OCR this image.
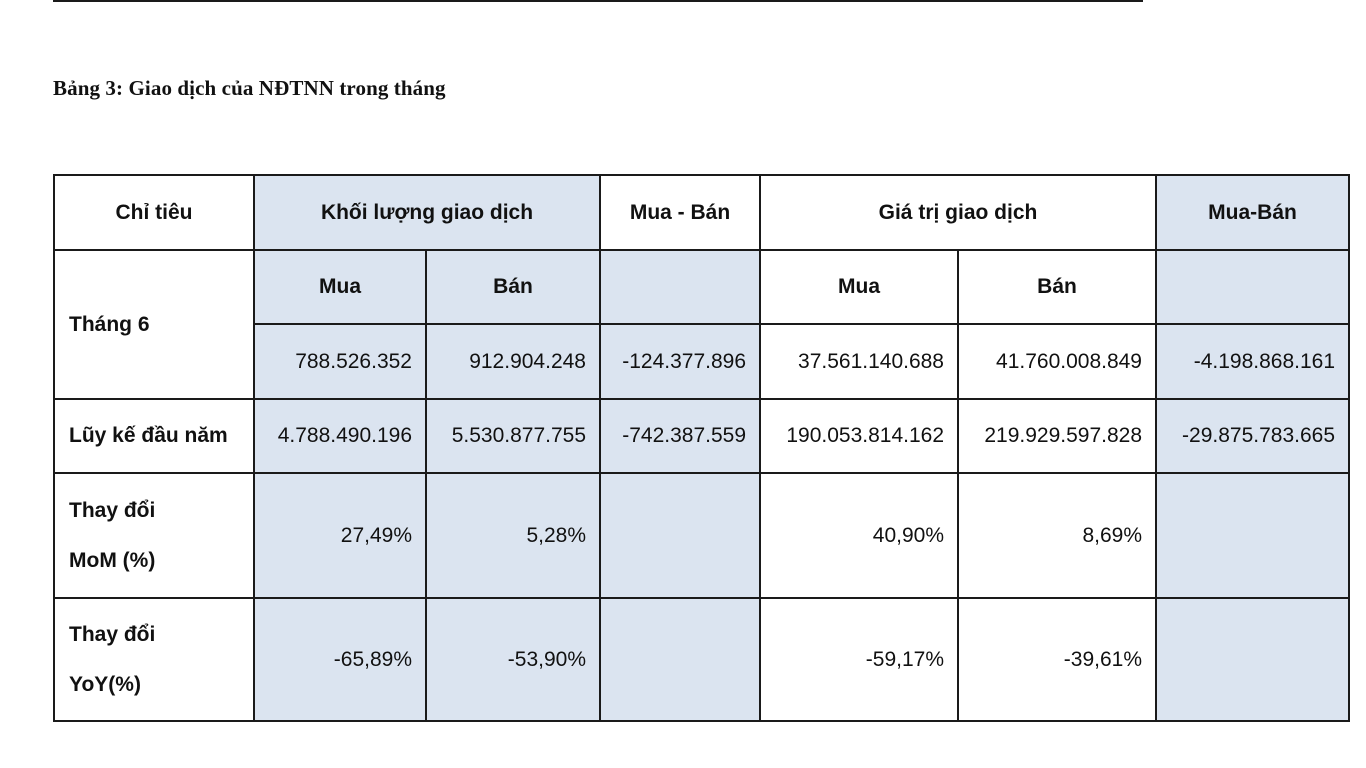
Bảng 3: Giao dịch của NĐTNN trong tháng
Chỉ tiêu	Khối lượng giao dịch		Mua - Bán	Giá trị giao dịch		Mua-Bán
Tháng 6	Mua	Bán		Mua	Bán	
	788.526.352	912.904.248	-124.377.896	37.561.140.688	41.760.008.849	-4.198.868.161
Lũy kế đầu năm	4.788.490.196	5.530.877.755	-742.387.559	190.053.814.162	219.929.597.828	-29.875.783.665

Thay đổi
MoM (%)	27,49%	5,28%		40,90%	8,69%	

Thay đổi
YoY(%)	-65,89%	-53,90%		-59,17%	-39,61%	
